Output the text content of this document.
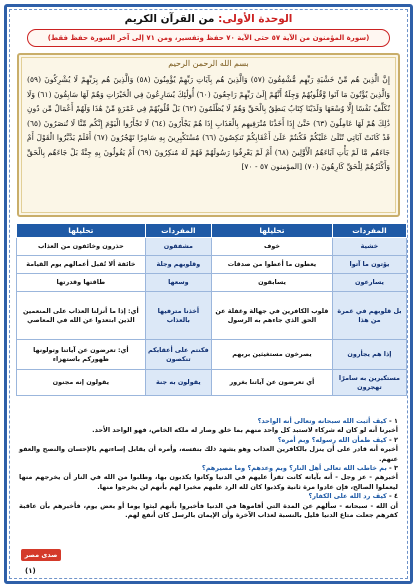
الوحدة الأولى: من القرآن الكريم
(سورة المؤمنون من الآية ٥٧ حتى الآية ٧٠ حفظ وتفسير، ومن ٧١ إلى آخر السورة حفظ فقط)
بسم الله الرحمن الرحيم
إِنَّ الَّذِينَ هُم مِّنْ خَشْيَةِ رَبِّهِم مُّشْفِقُونَ (٥٧) وَالَّذِينَ هُم بِآيَاتِ رَبِّهِمْ يُؤْمِنُونَ (٥٨) وَالَّذِينَ هُم بِرَبِّهِمْ لَا يُشْرِكُونَ (٥٩) وَالَّذِينَ يُؤْتُونَ مَا آتَوا وَّقُلُوبُهُمْ وَجِلَةٌ أَنَّهُمْ إِلَىٰ رَبِّهِمْ رَاجِعُونَ (٦٠) أُولَٰئِكَ يُسَارِعُونَ فِي الْخَيْرَاتِ وَهُمْ لَهَا سَابِقُونَ (٦١) وَلَا نُكَلِّفُ نَفْسًا إِلَّا وُسْعَهَا وَلَدَيْنَا كِتَابٌ يَنطِقُ بِالْحَقِّ وَهُمْ لَا يُظْلَمُونَ (٦٢) بَلْ قُلُوبُهُمْ فِي غَمْرَةٍ مِّنْ هَٰذَا وَلَهُمْ أَعْمَالٌ مِّن دُونِ ذَٰلِكَ هُمْ لَهَا عَامِلُونَ (٦٣) حَتَّىٰ إِذَا أَخَذْنَا مُتْرَفِيهِم بِالْعَذَابِ إِذَا هُمْ يَجْأَرُونَ (٦٤) لَا تَجْأَرُوا الْيَوْمَ إِنَّكُم مِّنَّا لَا تُنصَرُونَ (٦٥) قَدْ كَانَتْ آيَاتِي تُتْلَىٰ عَلَيْكُمْ فَكُنتُمْ عَلَىٰ أَعْقَابِكُمْ تَنكِصُونَ (٦٦) مُسْتَكْبِرِينَ بِهِ سَامِرًا تَهْجُرُونَ (٦٧) أَفَلَمْ يَدَّبَّرُوا الْقَوْلَ أَمْ جَاءَهُم مَّا لَمْ يَأْتِ آبَاءَهُمُ الْأَوَّلِينَ (٦٨) أَمْ لَمْ يَعْرِفُوا رَسُولَهُمْ فَهُمْ لَهُ مُنكِرُونَ (٦٩) أَمْ يَقُولُونَ بِهِ جِنَّةٌ بَلْ جَاءَهُم بِالْحَقِّ وَأَكْثَرُهُمْ لِلْحَقِّ كَارِهُونَ (٧٠) [المؤمنون ٥٧ - ٧٠]
المفردات	تحليلها	المفردات	تحليلها
خشية	خوف	مشفقون	حذرون وخائفون من العذاب
يؤتون ما آتوا	يعطون ما أعطوا من صدقات	وقلوبهم وجلة	خائفة ألا تُقبل أعمالهم يوم القيامة
يسارعون	يسابقون	وسعها	طاقتها وقدرتها
بل قلوبهم في غمرة من هذا	قلوب الكافرين في جهالة وغفلة عن الحق الذي جاءهم به الرسول	أخذنا مترفيها بالعذاب	أي: إذا ما أنزلنا العذاب على المنعمين الذين ابتعدوا عن الله في المعاصي
إذا هم يجأرون	يصرخون مستغيثين بربهم	فكنتم على أعقابكم تنكصون	أي: تعرضون عن آياتنا وتولونها ظهوركم باستهزاء
مستكبرين به سامرًا تهجرون	أي تعرضون عن آياتنا بغرور	يقولون به جنة	يقولون إنه مجنون
١ - كيف أثبت الله سبحانه وتعالى أنه الواحد؟
أخبرنا أنه لو كان له شركاء لاستبد كل واحد منهم بما خلق وصار له ملكه الخاص، فهو الواحد الأحد.
٢ - كيف طمأن الله رسوله؟ وبم أمره؟
أخبره أنه قادر على أن ينزل بالكافرين العذاب وهو يشهد ذلك بنفسه، وأمره أن يقابل إساءتهم بالإحسان والنصح والعفو عنهم.
٣ - بم خاطب الله تعالى أهل النار؟ وبم وعدهم؟ وما مصيرهم؟
أخبرهم - عز وجل - أنه بآياته كانت تقرأ عليهم في الدنيا وكانوا يكذبون بها، وطلبوا من الله في النار أن يخرجهم منها ليعملوا الصالح، فإن عادوا مرة ثانية وكذبوا كان لله الرد عليهم مخبرا لهم بأنهم لن يخرجوا منها.
٤ - كيف رد الله على الكفار؟
أن الله - سبحانه - سألهم عن المدة التي أقاموها في الدنيا فأخبروا بأنهم لبثوا يوما أو بعض يوم، فأخبرهم بأن عاقبة كفرهم جعلت متاع الدنيا قليل بالنسبة لعذاب الآخرة وأن الإيمان بالرسل كان أنفع لهم.
صدى مصر
(١)
